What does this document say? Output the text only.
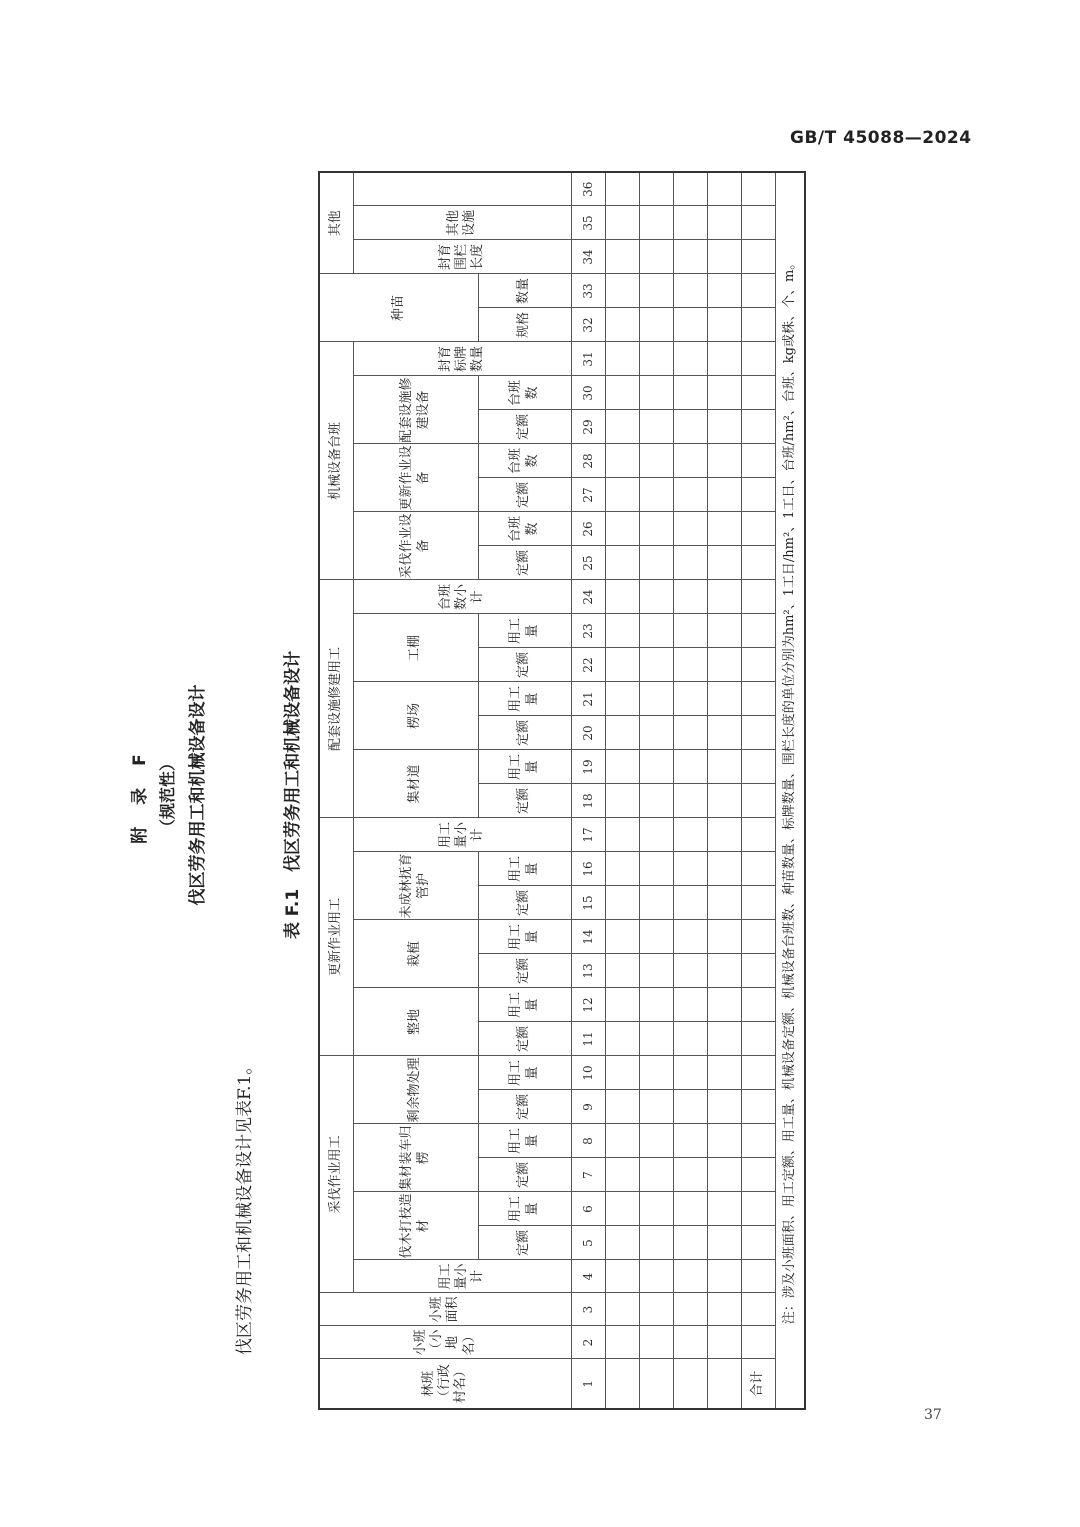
GB/T 45088—2024
附 录 F （规范性） 伐区劳务用工和机械设备设计
伐区劳务用工和机械设备设计见表F.1。
表 F.1　伐区劳务用工和机械设备设计
林班（行政村名）	小班（小地名）	小班面积	采伐作业用工							更新作业用工							配套设施修建用工							机械设备台班							种苗		其他		
			用工量小计	伐木打枝造材		集材装车归楞		剩余物处理		整地		栽植		未成林抚育管护		用工量小计	集材道		楞场		工棚		台班数小计	采伐作业设备		更新作业设备		配套设施修建设备		封育标牌数量			封育围栏长度	其他设施	
				定额	用工量	定额	用工量	定额	用工量	定额	用工量	定额	用工量	定额	用工量		定额	用工量	定额	用工量	定额	用工量		定额	台班数	定额	台班数	定额	台班数		规格	数量			
1	2	3	4	5	6	7	8	9	10	11	12	13	14	15	16	17	18	19	20	21	22	23	24	25	26	27	28	29	30	31	32	33	34	35	36

合计																																			
注：涉及小班面积、用工定额、用工量、机械设备定额、机械设备台班数、种苗数量、标牌数量、围栏长度的单位分别为hm²、1工日/hm²、1工日、台班/hm²、台班、kg或株、个、m。																																			
37
